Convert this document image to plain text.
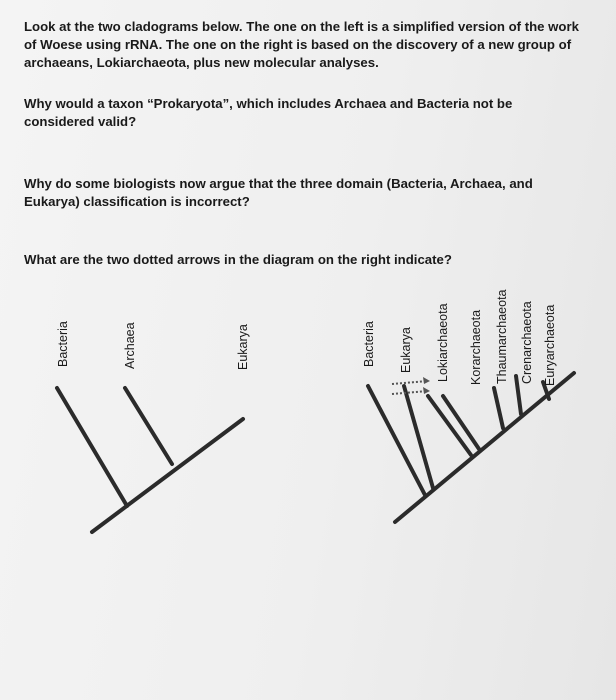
Look at the two cladograms below. The one on the left is a simplified version of the work of Woese using rRNA. The one on the right is based on the discovery of a new group of archaeans, Lokiarchaeota, plus new molecular analyses.
Why would a taxon “Prokaryota”, which includes Archaea and Bacteria not be considered valid?
Why do some biologists now argue that the three domain (Bacteria, Archaea, and Eukarya) classification is incorrect?
What are the two dotted arrows in the diagram on the right indicate?
Bacteria	Archaea	Eukarya	Bacteria Eukarya Lokiarchaeota Korarchaeota Thaumarchaeota Crenarchaeota Euryarchaeota
